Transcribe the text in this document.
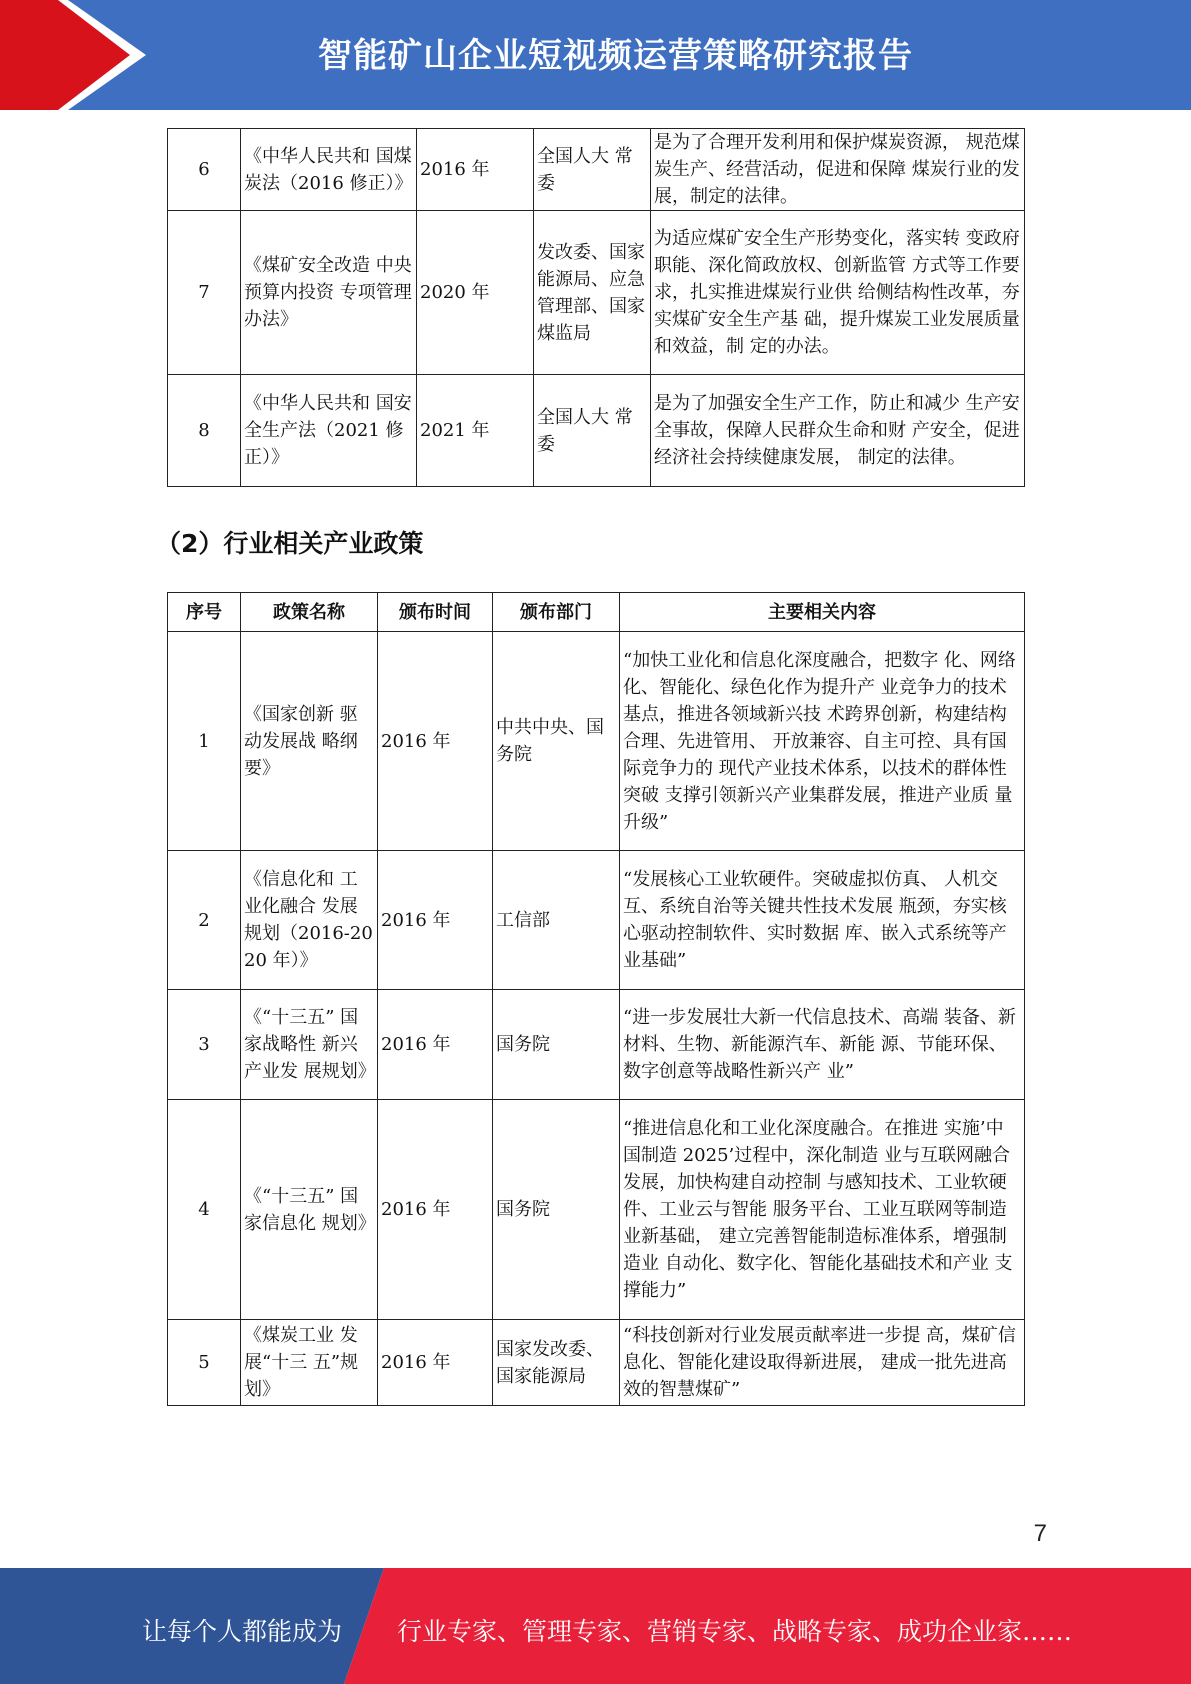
智能矿山企业短视频运营策略研究报告
6	《中华人民共和 国煤炭法（2016 修正）》	2016 年	全国人大 常委	是为了合理开发利用和保护煤炭资源， 规范煤炭生产、经营活动，促进和保障 煤炭行业的发展，制定的法律。
7	《煤矿安全改造 中央预算内投资 专项管理办法》	2020 年	发改委、国家能源局、应急管理部、国家煤监局	为适应煤矿安全生产形势变化，落实转 变政府职能、深化简政放权、创新监管 方式等工作要求，扎实推进煤炭行业供 给侧结构性改革，夯实煤矿安全生产基 础，提升煤炭工业发展质量和效益，制 定的办法。
8	《中华人民共和 国安全生产法（2021 修正）》	2021 年	全国人大 常委	是为了加强安全生产工作，防止和减少 生产安全事故，保障人民群众生命和财 产安全，促进经济社会持续健康发展， 制定的法律。
（2）行业相关产业政策
序号	政策名称	颁布时间	颁布部门	主要相关内容
1	《国家创新 驱动发展战 略纲要》	2016 年	中共中央、国务院	“加快工业化和信息化深度融合，把数字 化、网络化、智能化、绿色化作为提升产 业竞争力的技术基点，推进各领域新兴技 术跨界创新，构建结构合理、先进管用、 开放兼容、自主可控、具有国际竞争力的 现代产业技术体系，以技术的群体性突破 支撑引领新兴产业集群发展，推进产业质 量升级”
2	《信息化和 工业化融合 发展规划（2016-2020 年）》	2016 年	工信部	“发展核心工业软硬件。突破虚拟仿真、 人机交互、系统自治等关键共性技术发展 瓶颈，夯实核心驱动控制软件、实时数据 库、嵌入式系统等产业基础”
3	《“十三五” 国家战略性 新兴产业发 展规划》	2016 年	国务院	“进一步发展壮大新一代信息技术、高端 装备、新材料、生物、新能源汽车、新能 源、节能环保、数字创意等战略性新兴产 业”
4	《“十三五” 国家信息化 规划》	2016 年	国务院	“推进信息化和工业化深度融合。在推进 实施’中国制造 2025’过程中，深化制造 业与互联网融合发展，加快构建自动控制 与感知技术、工业软硬件、工业云与智能 服务平台、工业互联网等制造业新基础， 建立完善智能制造标准体系，增强制造业 自动化、数字化、智能化基础技术和产业 支撑能力”
5	《煤炭工业 发展“十三 五”规划》	2016 年	国家发改委、国家能源局	“科技创新对行业发展贡献率进一步提 高，煤矿信息化、智能化建设取得新进展， 建成一批先进高效的智慧煤矿”
7
让每个人都能成为 行业专家、管理专家、营销专家、战略专家、成功企业家……
